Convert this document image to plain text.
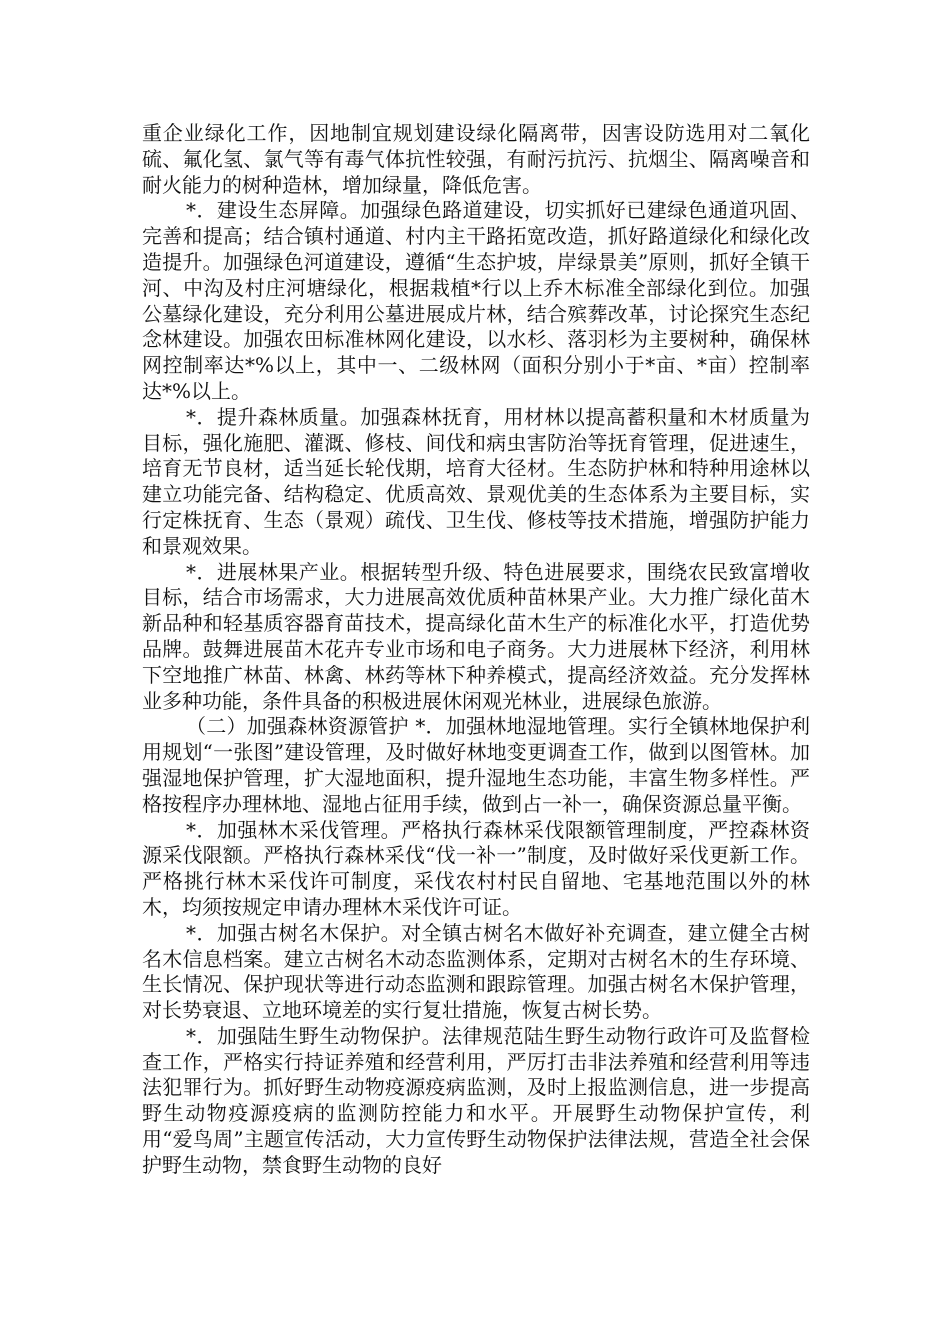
重企业绿化工作，因地制宜规划建设绿化隔离带，因害设防选用对二氧化硫、氟化氢、氯气等有毒气体抗性较强，有耐污抗污、抗烟尘、隔离噪音和耐火能力的树种造林，增加绿量，降低危害。

*．建设生态屏障。加强绿色路道建设，切实抓好已建绿色通道巩固、完善和提高；结合镇村通道、村内主干路拓宽改造，抓好路道绿化和绿化改造提升。加强绿色河道建设，遵循“生态护坡，岸绿景美”原则，抓好全镇干河、中沟及村庄河塘绿化，根据栽植*行以上乔木标准全部绿化到位。加强公墓绿化建设，充分利用公墓进展成片林，结合殡葬改革，讨论探究生态纪念林建设。加强农田标准林网化建设，以水杉、落羽杉为主要树种，确保林网控制率达*%以上，其中一、二级林网（面积分别小于*亩、*亩）控制率达*%以上。

*．提升森林质量。加强森林抚育，用材林以提高蓄积量和木材质量为目标，强化施肥、灌溉、修枝、间伐和病虫害防治等抚育管理，促进速生，培育无节良材，适当延长轮伐期，培育大径材。生态防护林和特种用途林以建立功能完备、结构稳定、优质高效、景观优美的生态体系为主要目标，实行定株抚育、生态（景观）疏伐、卫生伐、修枝等技术措施，增强防护能力和景观效果。

*．进展林果产业。根据转型升级、特色进展要求，围绕农民致富增收目标，结合市场需求，大力进展高效优质种苗林果产业。大力推广绿化苗木新品种和轻基质容器育苗技术，提高绿化苗木生产的标准化水平，打造优势品牌。鼓舞进展苗木花卉专业市场和电子商务。大力进展林下经济，利用林下空地推广林苗、林禽、林药等林下种养模式，提高经济效益。充分发挥林业多种功能，条件具备的积极进展休闲观光林业，进展绿色旅游。

（二）加强森林资源管护 *．加强林地湿地管理。实行全镇林地保护利用规划“一张图”建设管理，及时做好林地变更调查工作，做到以图管林。加强湿地保护管理，扩大湿地面积，提升湿地生态功能，丰富生物多样性。严格按程序办理林地、湿地占征用手续，做到占一补一，确保资源总量平衡。

*．加强林木采伐管理。严格执行森林采伐限额管理制度，严控森林资源采伐限额。严格执行森林采伐“伐一补一”制度，及时做好采伐更新工作。严格挑行林木采伐许可制度，采伐农村村民自留地、宅基地范围以外的林木，均须按规定申请办理林木采伐许可证。

*．加强古树名木保护。对全镇古树名木做好补充调查，建立健全古树名木信息档案。建立古树名木动态监测体系，定期对古树名木的生存环境、生长情况、保护现状等进行动态监测和跟踪管理。加强古树名木保护管理，对长势衰退、立地环境差的实行复壮措施，恢复古树长势。

*．加强陆生野生动物保护。法律规范陆生野生动物行政许可及监督检查工作，严格实行持证养殖和经营利用，严厉打击非法养殖和经营利用等违法犯罪行为。抓好野生动物疫源疫病监测，及时上报监测信息，进一步提高野生动物疫源疫病的监测防控能力和水平。开展野生动物保护宣传，利用“爱鸟周”主题宣传活动，大力宣传野生动物保护法律法规，营造全社会保护野生动物，禁食野生动物的良好
